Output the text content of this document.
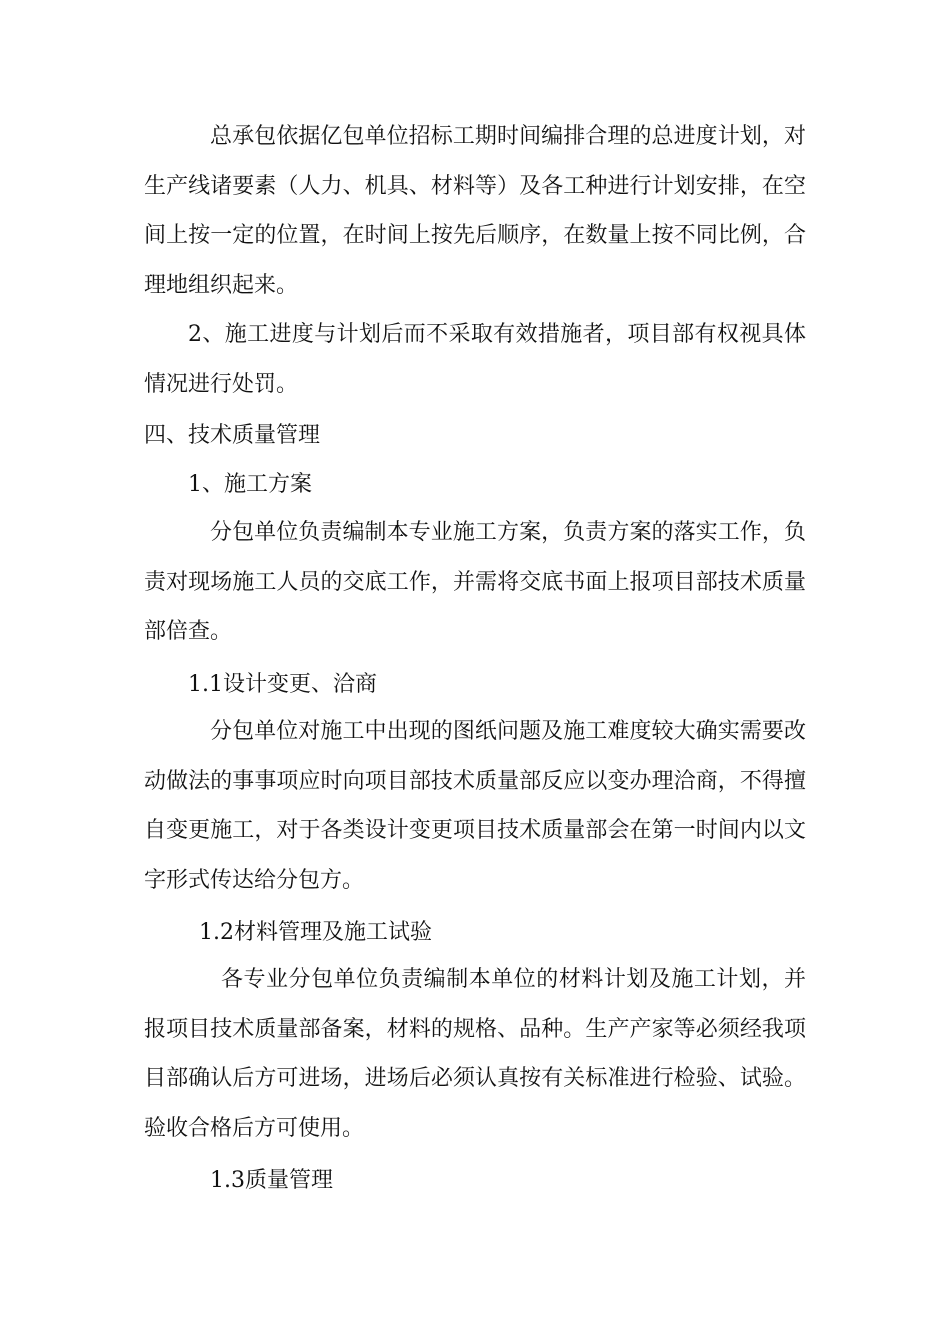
总承包依据亿包单位招标工期时间编排合理的总进度计划，对生产线诸要素（人力、机具、材料等）及各工种进行计划安排，在空间上按一定的位置，在时间上按先后顺序，在数量上按不同比例，合理地组织起来。

2、施工进度与计划后而不采取有效措施者，项目部有权视具体情况进行处罚。

四、技术质量管理

1、施工方案

分包单位负责编制本专业施工方案，负责方案的落实工作，负责对现场施工人员的交底工作，并需将交底书面上报项目部技术质量部倍查。

1.1设计变更、洽商

分包单位对施工中出现的图纸问题及施工难度较大确实需要改动做法的事事项应时向项目部技术质量部反应以变办理洽商，不得擅自变更施工，对于各类设计变更项目技术质量部会在第一时间内以文字形式传达给分包方。

1.2材料管理及施工试验

各专业分包单位负责编制本单位的材料计划及施工计划，并报项目技术质量部备案，材料的规格、品种。生产产家等必须经我项目部确认后方可进场，进场后必须认真按有关标准进行检验、试验。验收合格后方可使用。

1.3质量管理
